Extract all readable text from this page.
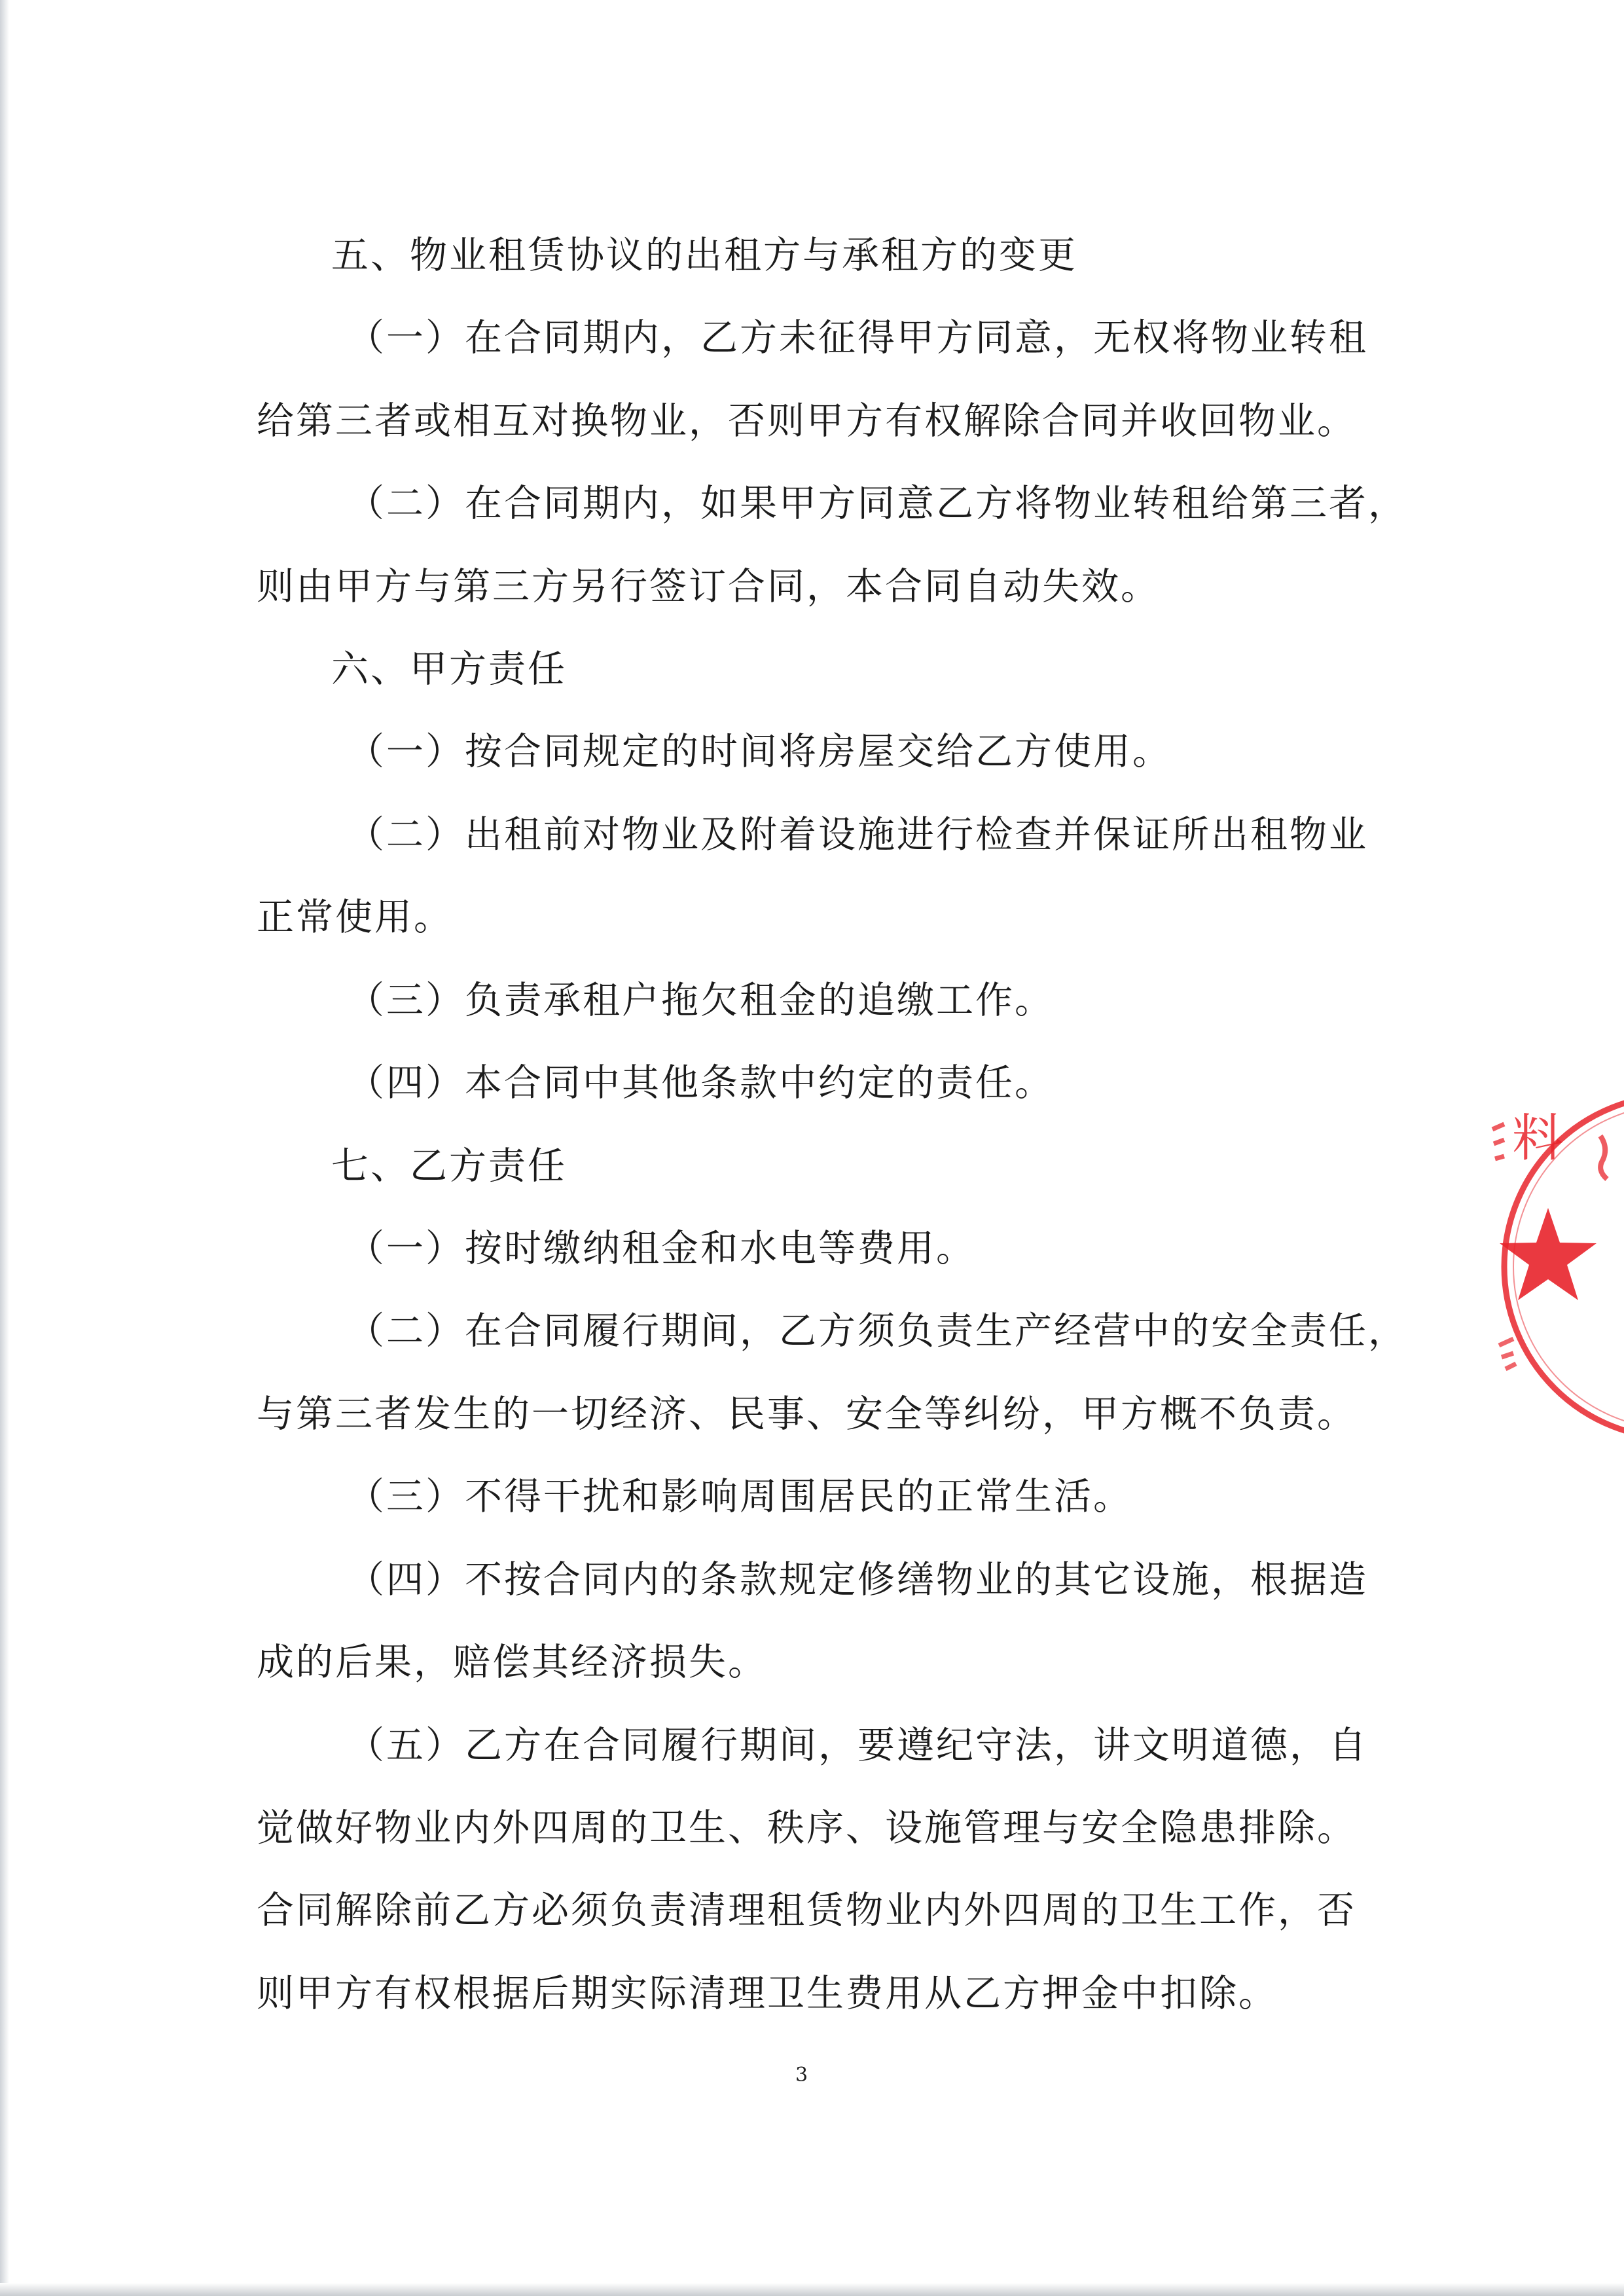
五、物业租赁协议的出租方与承租方的变更

（一）在合同期内，乙方未征得甲方同意，无权将物业转租

给第三者或相互对换物业，否则甲方有权解除合同并收回物业。

（二）在合同期内，如果甲方同意乙方将物业转租给第三者，

则由甲方与第三方另行签订合同，本合同自动失效。

六、甲方责任

（一）按合同规定的时间将房屋交给乙方使用。

（二）出租前对物业及附着设施进行检查并保证所出租物业

正常使用。

（三）负责承租户拖欠租金的追缴工作。

（四）本合同中其他条款中约定的责任。

七、乙方责任

（一）按时缴纳租金和水电等费用。

（二）在合同履行期间，乙方须负责生产经营中的安全责任，

与第三者发生的一切经济、民事、安全等纠纷，甲方概不负责。

（三）不得干扰和影响周围居民的正常生活。

（四）不按合同内的条款规定修缮物业的其它设施，根据造

成的后果，赔偿其经济损失。

（五）乙方在合同履行期间，要遵纪守法，讲文明道德，自

觉做好物业内外四周的卫生、秩序、设施管理与安全隐患排除。

合同解除前乙方必须负责清理租赁物业内外四周的卫生工作，否

则甲方有权根据后期实际清理卫生费用从乙方押金中扣除。

3
料
